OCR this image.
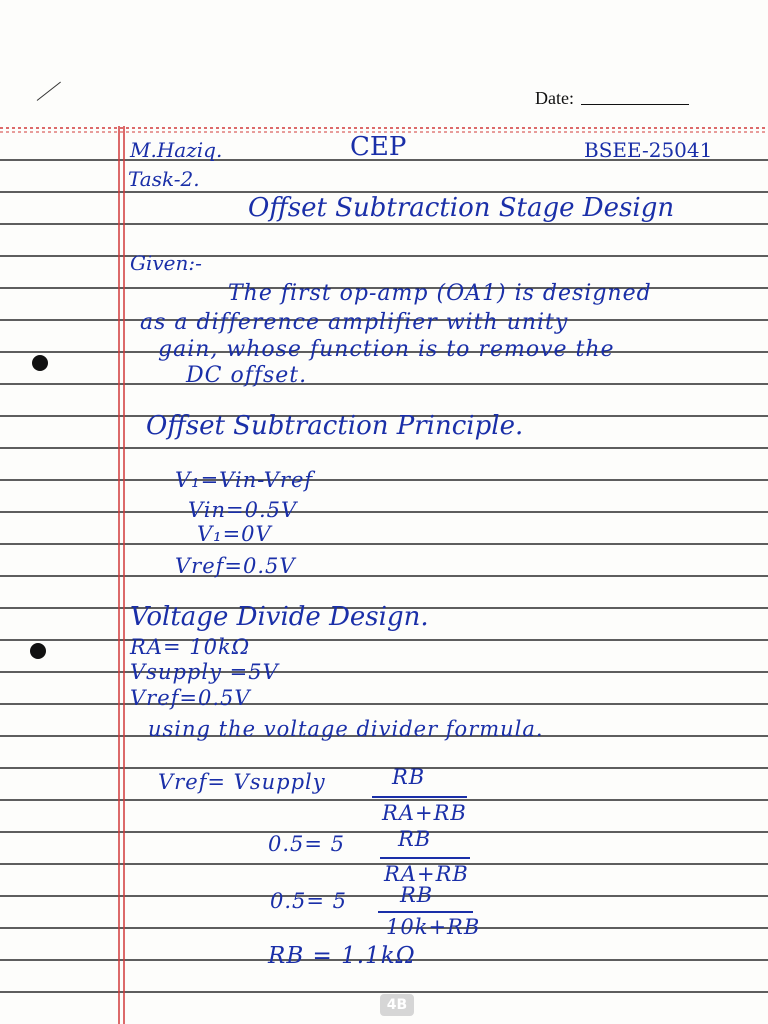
Date:
M.Haziq.	CEP	BSEE-25041
Task-2.
Offset Subtraction Stage Design
Given:-
The first op-amp (OA1) is designed
as a difference amplifier with unity
gain, whose function is to remove the
DC offset.
Offset Subtraction Principle.
V₁=Vin-Vref
Vin=0.5V
V₁=0V
Vref=0.5V
Voltage Divide Design.
RA= 10kΩ
Vsupply =5V
Vref=0.5V
using the voltage divider formula.
Vref= Vsupply	RB
RA+RB
0.5= 5	RB
RA+RB
0.5= 5	RB
10k+RB
RB = 1.1kΩ
4B
